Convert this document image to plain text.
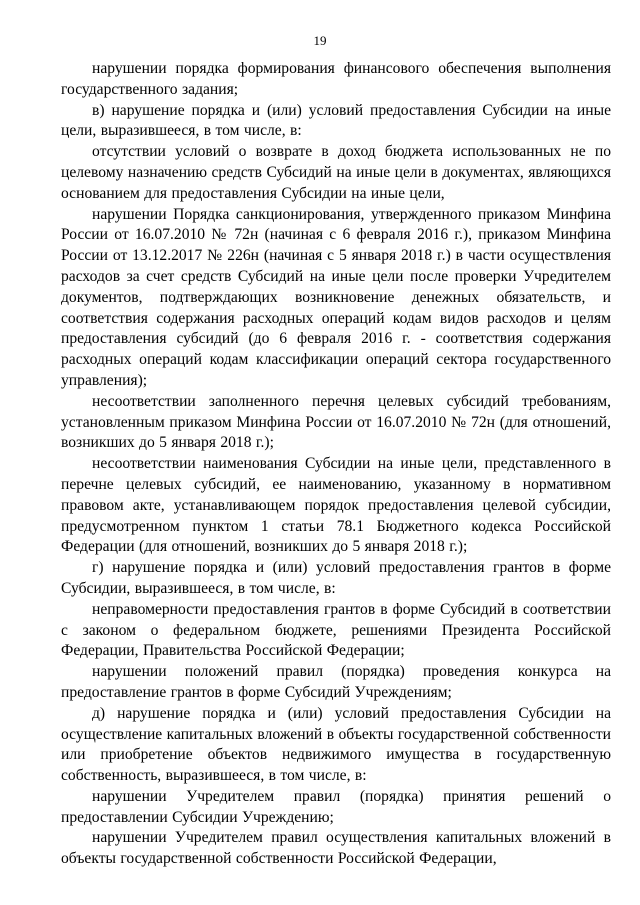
19

нарушении порядка формирования финансового обеспечения выполнения государственного задания;

в) нарушение порядка и (или) условий предоставления Субсидии на иные цели, выразившееся, в том числе, в:

отсутствии условий о возврате в доход бюджета использованных не по целевому назначению средств Субсидий на иные цели в документах, являющихся основанием для предоставления Субсидии на иные цели,

нарушении Порядка санкционирования, утвержденного приказом Минфина России от 16.07.2010 № 72н (начиная с 6 февраля 2016 г.), приказом Минфина России от 13.12.2017 № 226н (начиная с 5 января 2018 г.) в части осуществления расходов за счет средств Субсидий на иные цели после проверки Учредителем документов, подтверждающих возникновение денежных обязательств, и соответствия содержания расходных операций кодам видов расходов и целям предоставления субсидий (до 6 февраля 2016 г. - соответствия содержания расходных операций кодам классификации операций сектора государственного управления);

несоответствии заполненного перечня целевых субсидий требованиям, установленным приказом Минфина России от 16.07.2010 № 72н (для отношений, возникших до 5 января 2018 г.);

несоответствии наименования Субсидии на иные цели, представленного в перечне целевых субсидий, ее наименованию, указанному в нормативном правовом акте, устанавливающем порядок предоставления целевой субсидии, предусмотренном пунктом 1 статьи 78.1 Бюджетного кодекса Российской Федерации (для отношений, возникших до 5 января 2018 г.);

г) нарушение порядка и (или) условий предоставления грантов в форме Субсидии, выразившееся, в том числе, в:

неправомерности предоставления грантов в форме Субсидий в соответствии с законом о федеральном бюджете, решениями Президента Российской Федерации, Правительства Российской Федерации;

нарушении положений правил (порядка) проведения конкурса на предоставление грантов в форме Субсидий Учреждениям;

д) нарушение порядка и (или) условий предоставления Субсидии на осуществление капитальных вложений в объекты государственной собственности или приобретение объектов недвижимого имущества в государственную собственность, выразившееся, в том числе, в:

нарушении Учредителем правил (порядка) принятия решений о предоставлении Субсидии Учреждению;

нарушении Учредителем правил осуществления капитальных вложений в объекты государственной собственности Российской Федерации,
